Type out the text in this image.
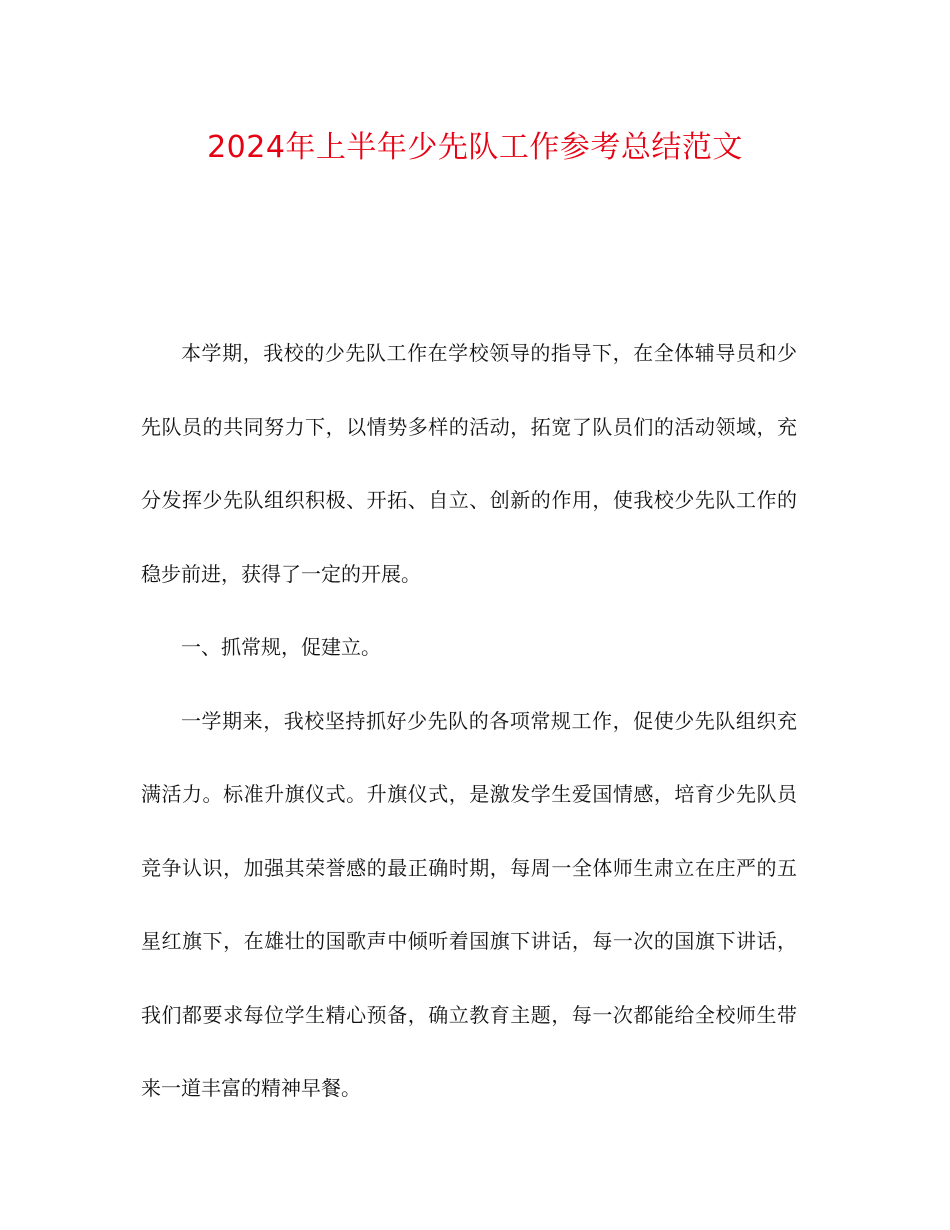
2024年上半年少先队工作参考总结范文

本学期，我校的少先队工作在学校领导的指导下，在全体辅导员和少先队员的共同努力下，以情势多样的活动，拓宽了队员们的活动领域，充分发挥少先队组织积极、开拓、自立、创新的作用，使我校少先队工作的稳步前进，获得了一定的开展。

一、抓常规，促建立。

一学期来，我校坚持抓好少先队的各项常规工作，促使少先队组织充满活力。标准升旗仪式。升旗仪式，是激发学生爱国情感，培育少先队员竞争认识，加强其荣誉感的最正确时期，每周一全体师生肃立在庄严的五星红旗下，在雄壮的国歌声中倾听着国旗下讲话，每一次的国旗下讲话，我们都要求每位学生精心预备，确立教育主题，每一次都能给全校师生带来一道丰富的精神早餐。
